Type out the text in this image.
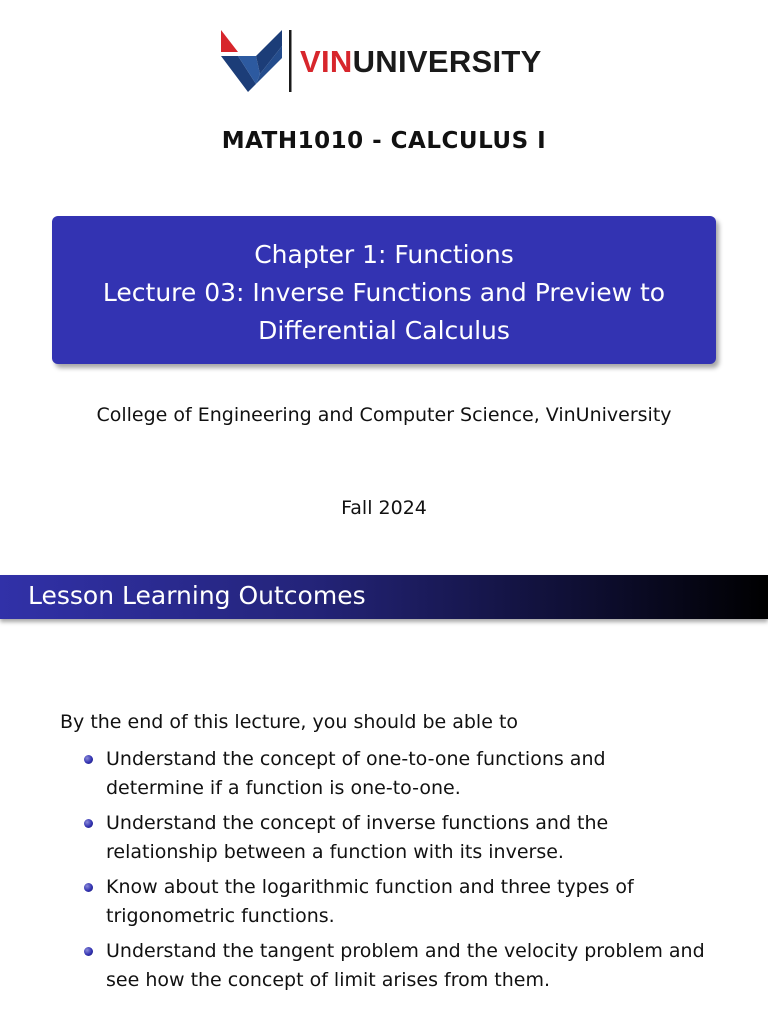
VINUNIVERSITY
MATH1010 - CALCULUS I
Chapter 1: Functions
Lecture 03: Inverse Functions and Preview to
Differential Calculus
College of Engineering and Computer Science, VinUniversity
Fall 2024
Lesson Learning Outcomes
By the end of this lecture, you should be able to
Understand the concept of one-to-one functions and
determine if a function is one-to-one.
Understand the concept of inverse functions and the
relationship between a function with its inverse.
Know about the logarithmic function and three types of
trigonometric functions.
Understand the tangent problem and the velocity problem and
see how the concept of limit arises from them.
